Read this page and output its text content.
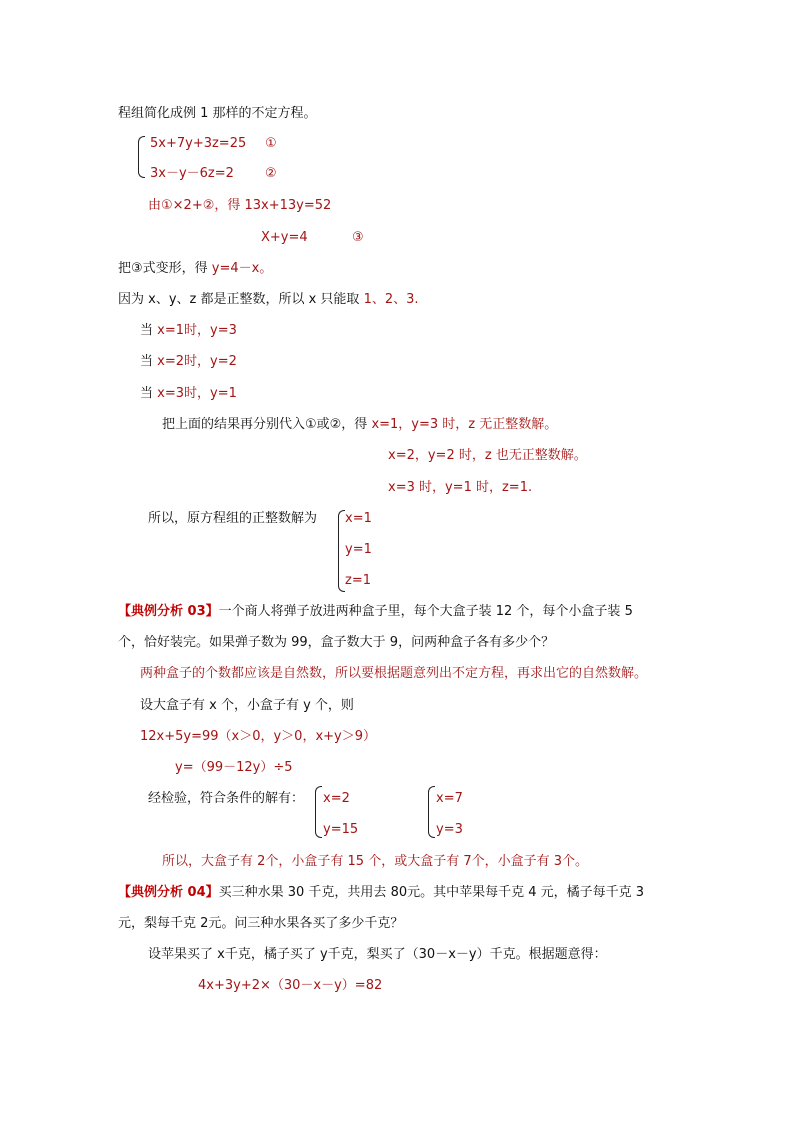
程组简化成例 1 那样的不定方程。
5x+7y+3z=25 ①
3x－y－6z=2 ②
由①×2+②，得 13x+13y=52
X+y=4	③
把③式变形，得 y=4－x。
因为 x、y、z 都是正整数，所以 x 只能取 1、2、3.
当 x=1时，y=3
当 x=2时，y=2
当 x=3时，y=1
把上面的结果再分别代入①或②，得 x=1，y=3 时，z 无正整数解。
x=2，y=2 时，z 也无正整数解。
x=3 时，y=1 时，z=1.
所以，原方程组的正整数解为 x=1
y=1
z=1
【典例分析 03】一个商人将弹子放进两种盒子里，每个大盒子装 12 个，每个小盒子装 5
个，恰好装完。如果弹子数为 99，盒子数大于 9，问两种盒子各有多少个？
两种盒子的个数都应该是自然数，所以要根据题意列出不定方程，再求出它的自然数解。
设大盒子有 x 个，小盒子有 y 个，则
12x+5y=99（x＞0，y＞0，x+y＞9）
y=（99－12y）÷5
经检验，符合条件的解有： x=2
y=15
x=7
y=3
所以，大盒子有 2个，小盒子有 15 个，或大盒子有 7个，小盒子有 3个。
【典例分析 04】买三种水果 30 千克，共用去 80元。其中苹果每千克 4 元，橘子每千克 3
元，梨每千克 2元。问三种水果各买了多少千克？
设苹果买了 x千克，橘子买了 y千克，梨买了（30－x－y）千克。根据题意得：
4x+3y+2×（30－x－y）=82
